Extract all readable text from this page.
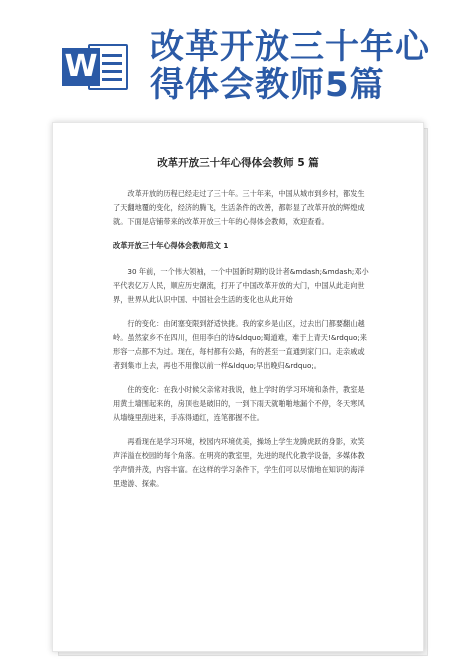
W 改革开放三十年心得体会教师5篇
改革开放三十年心得体会教师 5 篇

改革开放的历程已经走过了三十年。三十年来，中国从城市到乡村，都发生了天翻地覆的变化，经济的腾飞，生活条件的改善，都彰显了改革开放的辉煌成就。下面是店铺带来的改革开放三十年的心得体会教师，欢迎查看。

改革开放三十年心得体会教师范文 1

30 年前，一个伟大领袖，一个中国新时期的设计者&mdash;&mdash;邓小平代表亿万人民，顺应历史潮流，打开了中国改革开放的大门，中国从此走向世界，世界从此认识中国、中国社会生活的变化也从此开始

行的变化：由闭塞变限到舒适快捷。我的家乡是山区，过去出门都要翻山越岭。虽然家乡不在四川，但用李白的诗&ldquo;蜀道难，难于上青天!&rdquo;来形容一点都不为过。现在，每村都有公路，有的甚至一直通到家门口。走亲戚或者到集市上去，再也不用像以前一样&ldquo;早出晚归&rdquo;。

住的变化：在我小时候父亲常对我说，他上学时的学习环境和条件，教室是用黄土墙围起来的，房顶也是破旧的，一到下雨天就啪啪地漏个不停，冬天寒风从墙缝里刮进来，手冻得通红，连笔都握不住。

再看现在是学习环境，校园内环境优美，操场上学生龙腾虎跃的身影，欢笑声洋溢在校园的每个角落。在明亮的教室里，先进的现代化教学设备，多媒体教学声情并茂，内容丰富。在这样的学习条件下，学生们可以尽情地在知识的海洋里遨游、探索。
